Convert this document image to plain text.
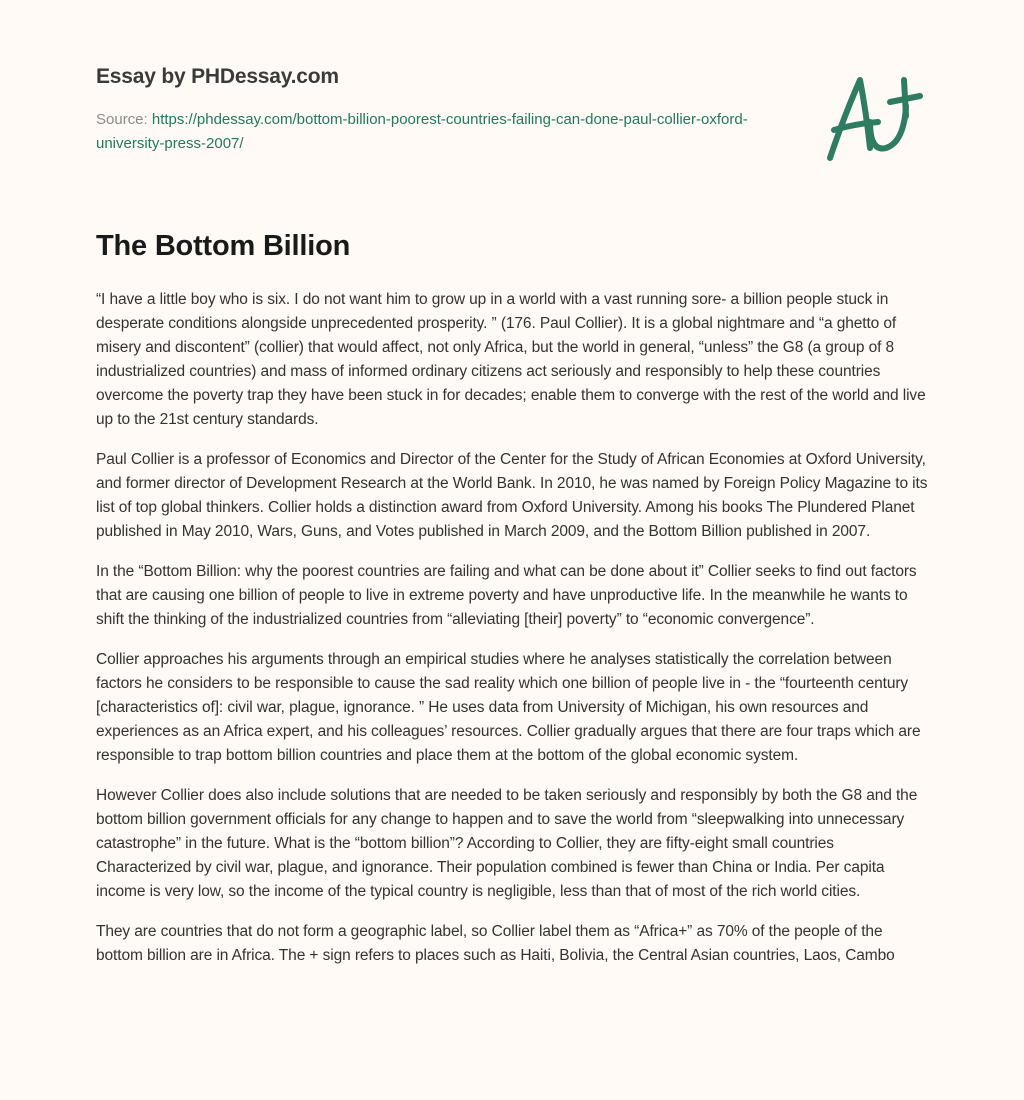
Essay by PHDessay.com
Source: https://phdessay.com/bottom-billion-poorest-countries-failing-can-done-paul-collier-oxford-university-press-2007/
The Bottom Billion

“I have a little boy who is six. I do not want him to grow up in a world with a vast running sore- a billion people stuck in desperate conditions alongside unprecedented prosperity. ” (176. Paul Collier). It is a global nightmare and “a ghetto of misery and discontent” (collier) that would affect, not only Africa, but the world in general, “unless” the G8 (a group of 8 industrialized countries) and mass of informed ordinary citizens act seriously and responsibly to help these countries overcome the poverty trap they have been stuck in for decades; enable them to converge with the rest of the world and live up to the 21st century standards.

Paul Collier is a professor of Economics and Director of the Center for the Study of African Economies at Oxford University, and former director of Development Research at the World Bank. In 2010, he was named by Foreign Policy Magazine to its list of top global thinkers. Collier holds a distinction award from Oxford University. Among his books The Plundered Planet published in May 2010, Wars, Guns, and Votes published in March 2009, and the Bottom Billion published in 2007.

In the “Bottom Billion: why the poorest countries are failing and what can be done about it” Collier seeks to find out factors that are causing one billion of people to live in extreme poverty and have unproductive life. In the meanwhile he wants to shift the thinking of the industrialized countries from “alleviating [their] poverty” to “economic convergence”.

Collier approaches his arguments through an empirical studies where he analyses statistically the correlation between factors he considers to be responsible to cause the sad reality which one billion of people live in - the “fourteenth century [characteristics of]: civil war, plague, ignorance. ” He uses data from University of Michigan, his own resources and experiences as an Africa expert, and his colleagues’ resources. Collier gradually argues that there are four traps which are responsible to trap bottom billion countries and place them at the bottom of the global economic system.

However Collier does also include solutions that are needed to be taken seriously and responsibly by both the G8 and the bottom billion government officials for any change to happen and to save the world from “sleepwalking into unnecessary catastrophe” in the future. What is the “bottom billion”? According to Collier, they are fifty-eight small countries Characterized by civil war, plague, and ignorance. Their population combined is fewer than China or India. Per capita income is very low, so the income of the typical country is negligible, less than that of most of the rich world cities.

They are countries that do not form a geographic label, so Collier label them as “Africa+” as 70% of the people of the bottom billion are in Africa. The + sign refers to places such as Haiti, Bolivia, the Central Asian countries, Laos, Cambo
